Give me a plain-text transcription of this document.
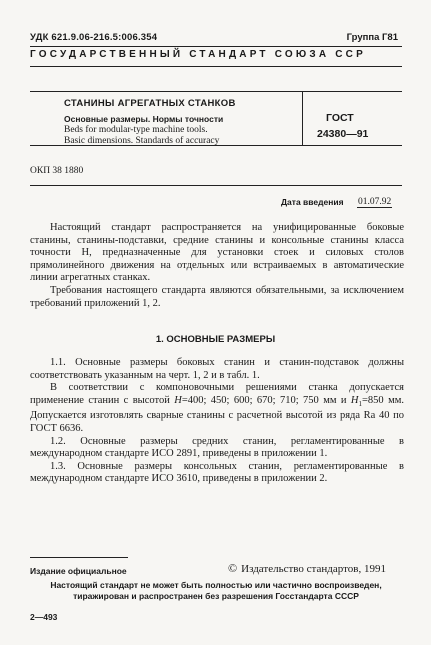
УДК 621.9.06-216.5:006.354	Группа Г81
ГОСУДАРСТВЕННЫЙ СТАНДАРТ СОЮЗА ССР
СТАНИНЫ АГРЕГАТНЫХ СТАНКОВ
Основные размеры. Нормы точности
Beds for modular-type machine tools.
Basic dimensions. Standards of accuracy
ГОСТ
24380—91
ОКП 38 1880
Дата введения 01.07.92

Настоящий стандарт распространяется на унифицированные боковые станины, станины-подставки, средние станины и консольные станины класса точности Н, предназначенные для установки стоек и силовых столов прямолинейного движения на отдельных или встраиваемых в автоматические линии агрегатных станках.

Требования настоящего стандарта являются обязательными, за исключением требований приложений 1, 2.

1. ОСНОВНЫЕ РАЗМЕРЫ

1.1. Основные размеры боковых станин и станин-подставок должны соответствовать указанным на черт. 1, 2 и в табл. 1.

В соответствии с компоновочными решениями станка допускается применение станин с высотой H=400; 450; 600; 670; 710; 750 мм и $H_1=850$ мм. Допускается изготовлять сварные станины с расчетной высотой из ряда Ra 40 по ГОСТ 6636.

1.2. Основные размеры средних станин, регламентированные в международном стандарте ИСО 2891, приведены в приложении 1.

1.3. Основные размеры консольных станин, регламентированные в международном стандарте ИСО 3610, приведены в приложении 2.

Издание официальное	© Издательство стандартов, 1991
Настоящий стандарт не может быть полностью или частично воспроизведен,
тиражирован и распространен без разрешения Госстандарта СССР
2—493
